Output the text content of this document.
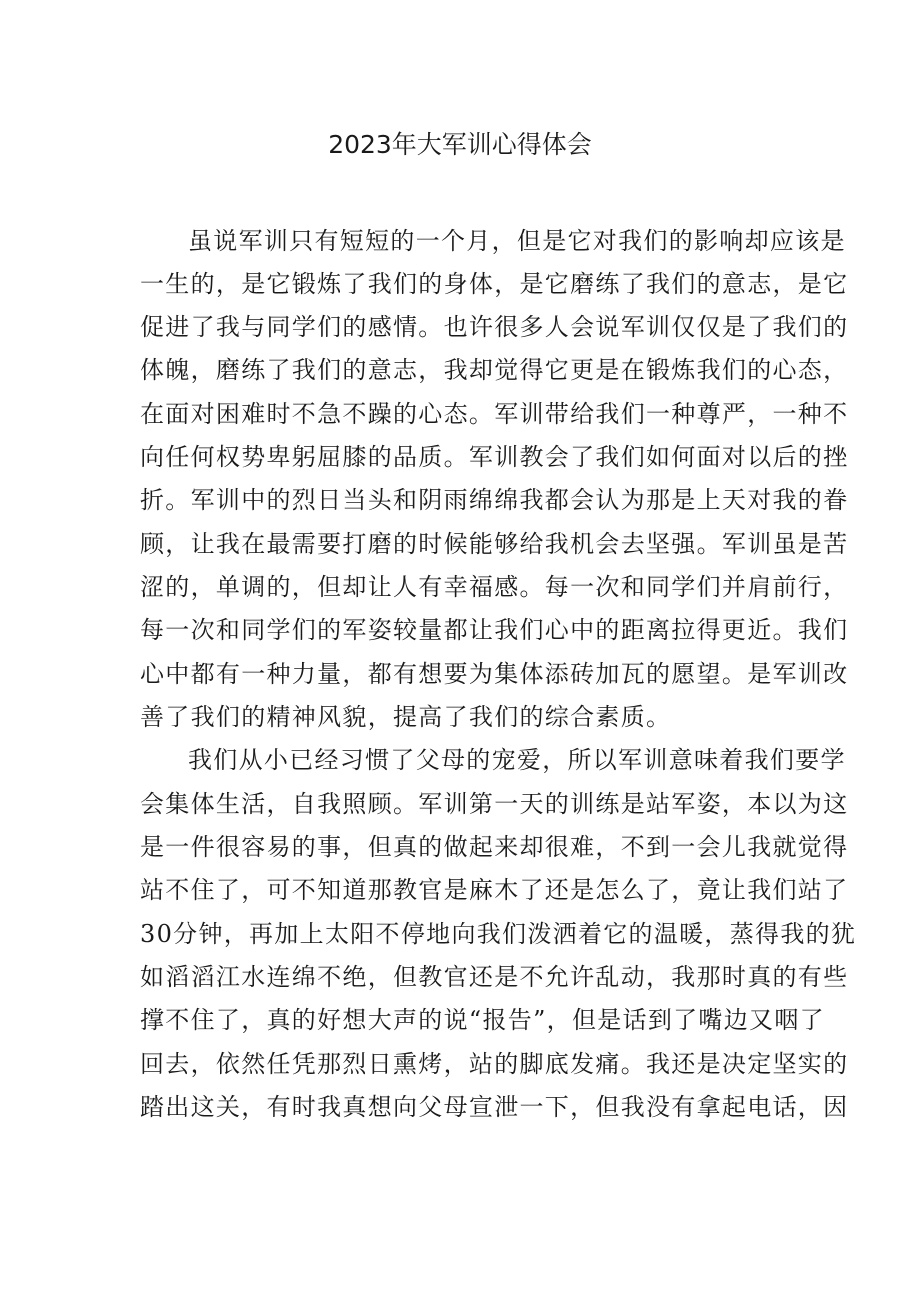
2023年大军训心得体会
虽说军训只有短短的一个月，但是它对我们的影响却应该是
一生的，是它锻炼了我们的身体，是它磨练了我们的意志，是它
促进了我与同学们的感情。也许很多人会说军训仅仅是了我们的
体魄，磨练了我们的意志，我却觉得它更是在锻炼我们的心态，
在面对困难时不急不躁的心态。军训带给我们一种尊严，一种不
向任何权势卑躬屈膝的品质。军训教会了我们如何面对以后的挫
折。军训中的烈日当头和阴雨绵绵我都会认为那是上天对我的眷
顾，让我在最需要打磨的时候能够给我机会去坚强。军训虽是苦
涩的，单调的，但却让人有幸福感。每一次和同学们并肩前行，
每一次和同学们的军姿较量都让我们心中的距离拉得更近。我们
心中都有一种力量，都有想要为集体添砖加瓦的愿望。是军训改
善了我们的精神风貌，提高了我们的综合素质。
我们从小已经习惯了父母的宠爱，所以军训意味着我们要学
会集体生活，自我照顾。军训第一天的训练是站军姿，本以为这
是一件很容易的事，但真的做起来却很难，不到一会儿我就觉得
站不住了，可不知道那教官是麻木了还是怎么了，竟让我们站了
30分钟，再加上太阳不停地向我们泼洒着它的温暖，蒸得我的犹
如滔滔江水连绵不绝，但教官还是不允许乱动，我那时真的有些
撑不住了，真的好想大声的说“报告”，但是话到了嘴边又咽了
回去，依然任凭那烈日熏烤，站的脚底发痛。我还是决定坚实的
踏出这关，有时我真想向父母宣泄一下，但我没有拿起电话，因
